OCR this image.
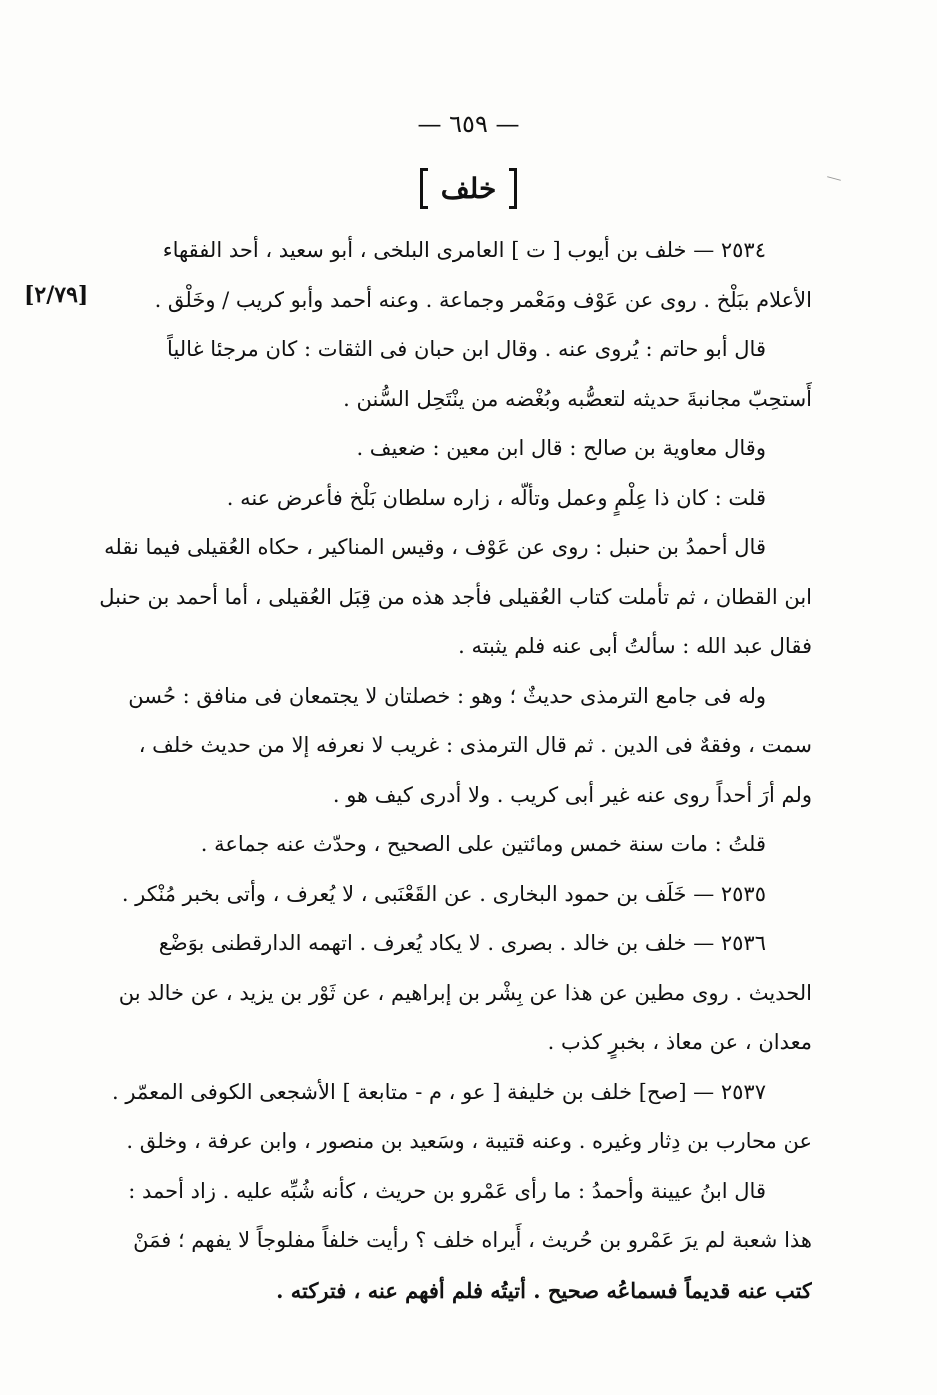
— ٦٥٩ —
خلف
[٢/٧٩]
٢٥٣٤ — خلف بن أيوب [ ت ] العامرى البلخى ، أبو سعيد ، أحد الفقهاء
الأعلام ببَلْخ . روى عن عَوْف ومَعْمر وجماعة . وعنه أحمد وأبو كريب / وخَلْق .
قال أبو حاتم : يُروى عنه . وقال ابن حبان فى الثقات : كان مرجئا غالياً
أَستحِبّ مجانبةَ حديثه لتعصُّبه وبُغْضه من ينْتَحِل السُّنن .
وقال معاوية بن صالح : قال ابن معين : ضعيف .
قلت : كان ذا عِلْمٍ وعمل وتألّه ، زاره سلطان بَلْخ فأعرض عنه .
قال أحمدُ بن حنبل : روى عن عَوْف ، وقيس المناكير ، حكاه العُقيلى فيما نقله
ابن القطان ، ثم تأملت كتاب العُقيلى فأجد هذه من قِبَل العُقيلى ، أما أحمد بن حنبل
فقال عبد الله : سألتُ أبى عنه فلم يثبته .
وله فى جامع الترمذى حديثٌ ؛ وهو : خصلتان لا يجتمعان فى منافق : حُسن
سمت ، وفقهٌ فى الدين . ثم قال الترمذى : غريب لا نعرفه إلا من حديث خلف ،
ولم أرَ أحداً روى عنه غير أبى كريب . ولا أدرى كيف هو .
قلتُ : مات سنة خمس ومائتين على الصحيح ، وحدّث عنه جماعة .
٢٥٣٥ — خَلَف بن حمود البخارى . عن القَعْنَبى ، لا يُعرف ، وأتى بخبر مُنْكر .
٢٥٣٦ — خلف بن خالد . بصرى . لا يكاد يُعرف . اتهمه الدارقطنى بوَضْع
الحديث . روى مطين عن هذا عن بِشْر بن إبراهيم ، عن ثَوْر بن يزيد ، عن خالد بن
معدان ، عن معاذ ، بخبرٍ كذب .
٢٥٣٧ — [صح] خلف بن خليفة [ عو ، م - متابعة ] الأشجعى الكوفى المعمّر .
عن محارب بن دِثار وغيره . وعنه قتيبة ، وسَعيد بن منصور ، وابن عرفة ، وخلق .
قال ابنُ عيينة وأحمدُ : ما رأى عَمْرو بن حريث ، كأنه شُبِّه عليه . زاد أحمد :
هذا شعبة لم يرَ عَمْرو بن حُريث ، أَيراه خلف ؟ رأيت خلفاً مفلوجاً لا يفهم ؛ فمَنْ
كتب عنه قديماً فسماعُه صحيح . أتيتُه فلم أفهم عنه ، فتركته .
